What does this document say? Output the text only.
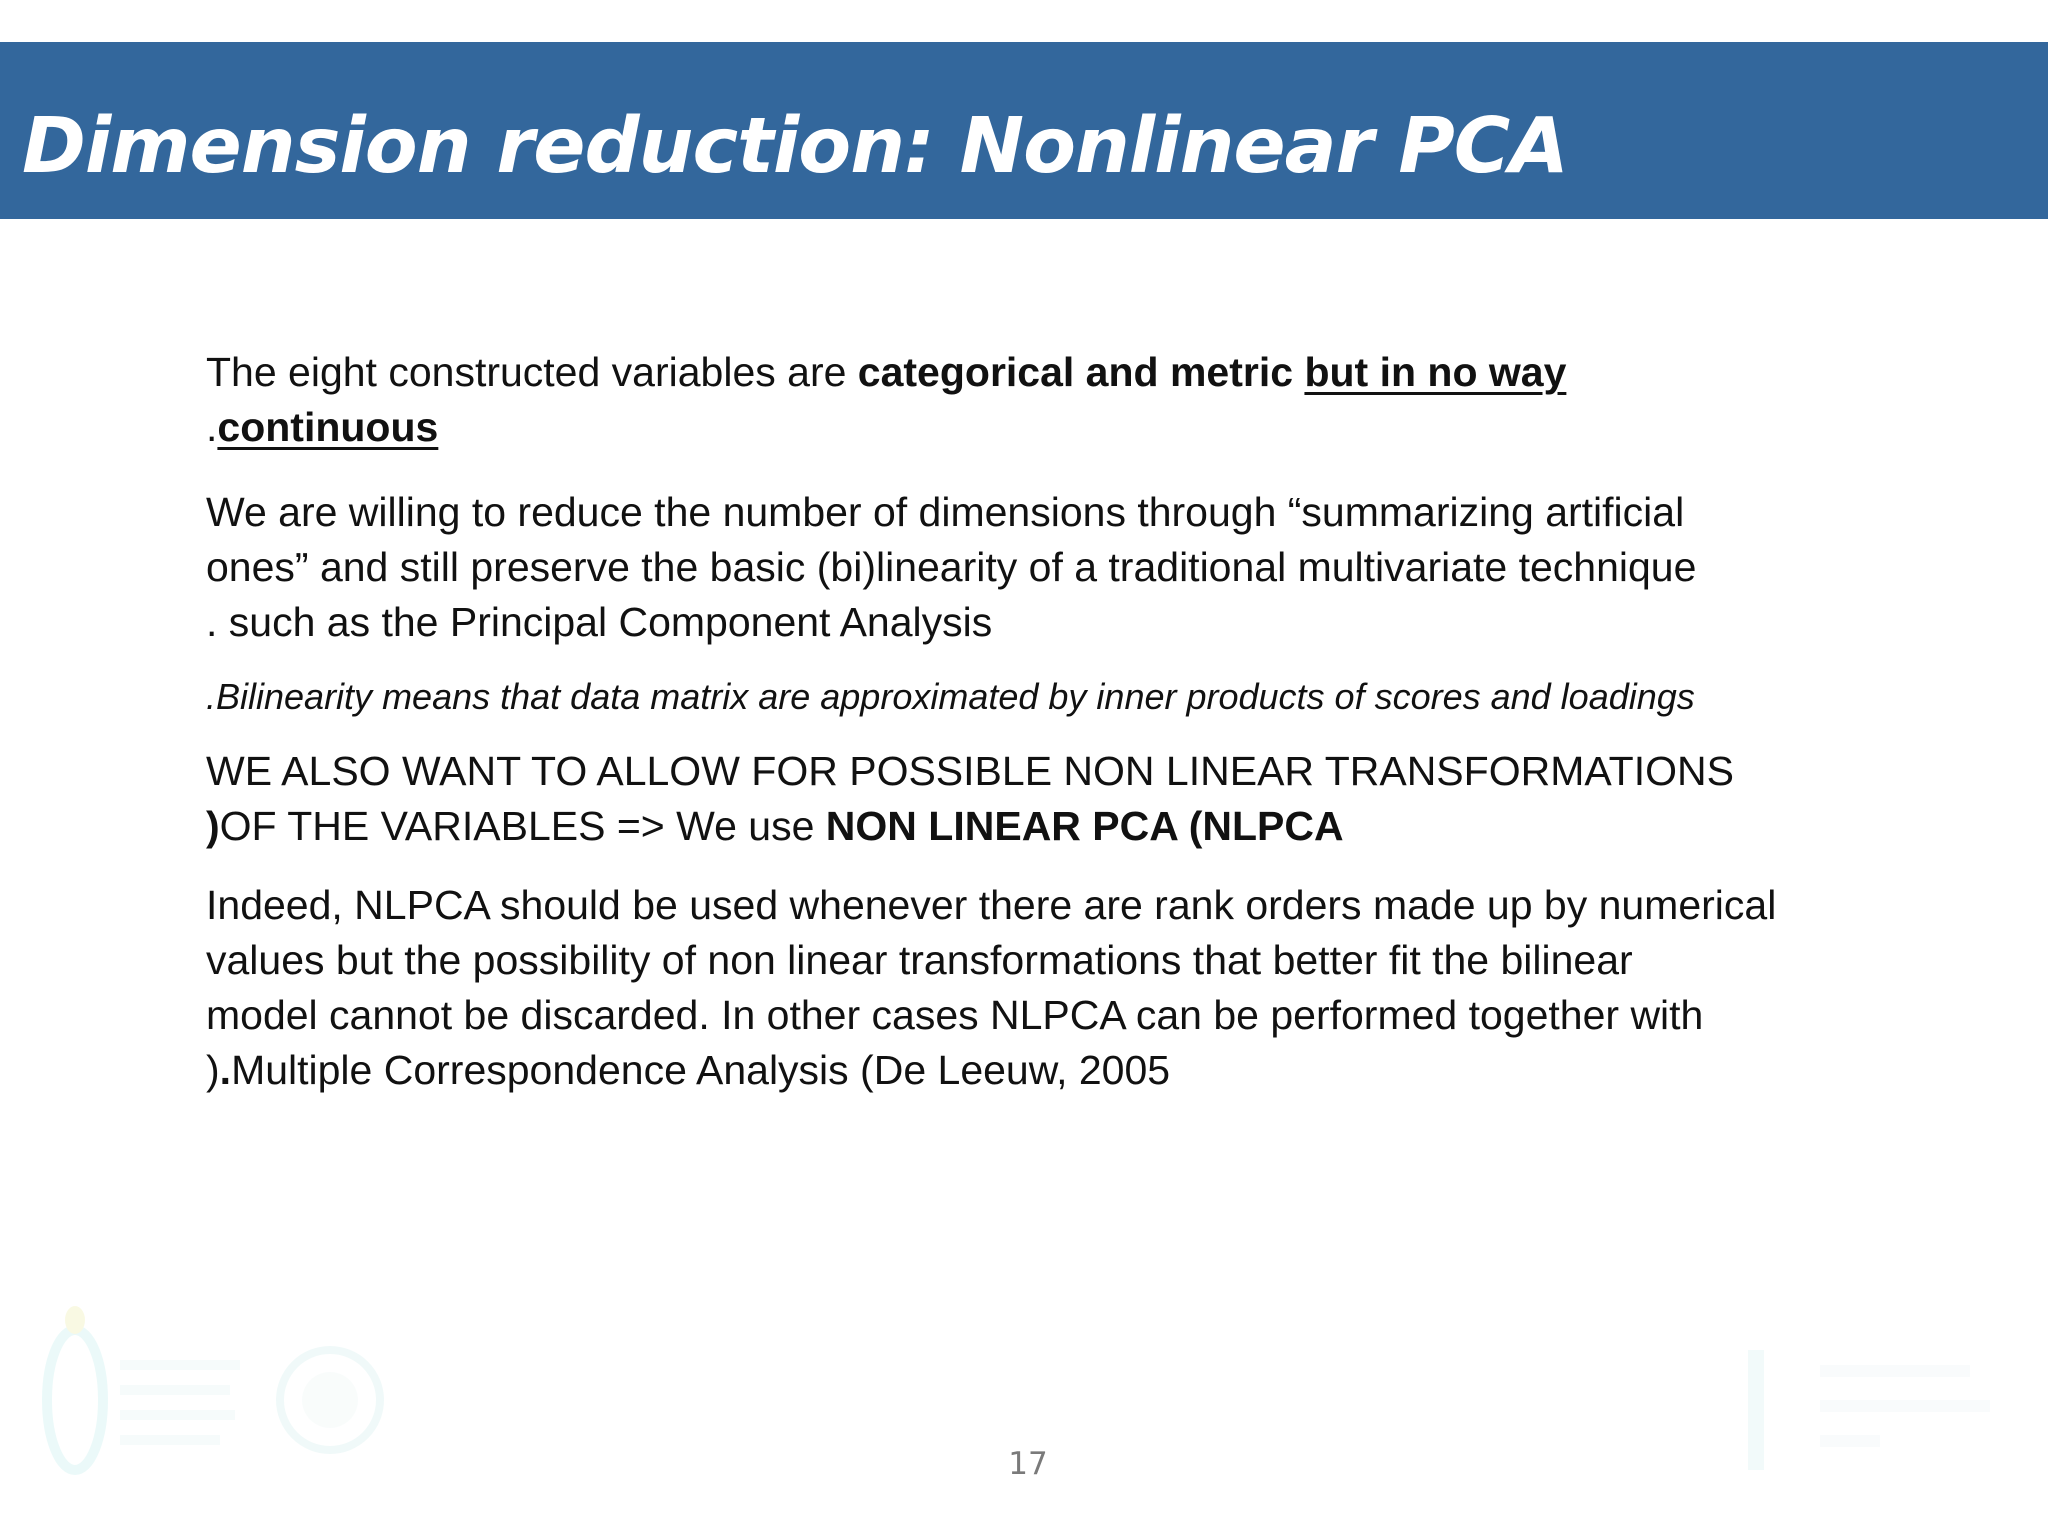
Dimension reduction: Nonlinear PCA
The eight constructed variables are categorical and metric but in no way
.continuous
We are willing to reduce the number of dimensions through “summarizing artificial
ones” and still preserve the basic (bi)linearity of a traditional multivariate technique
. such as the Principal Component Analysis
.Bilinearity means that data matrix are approximated by inner products of scores and loadings
WE ALSO WANT TO ALLOW FOR POSSIBLE NON LINEAR TRANSFORMATIONS
)OF THE VARIABLES => We use NON LINEAR PCA (NLPCA
Indeed, NLPCA should be used whenever there are rank orders made up by numerical
values but the possibility of non linear transformations that better fit the bilinear
model cannot be discarded. In other cases NLPCA can be performed together with
).Multiple Correspondence Analysis (De Leeuw, 2005
17
